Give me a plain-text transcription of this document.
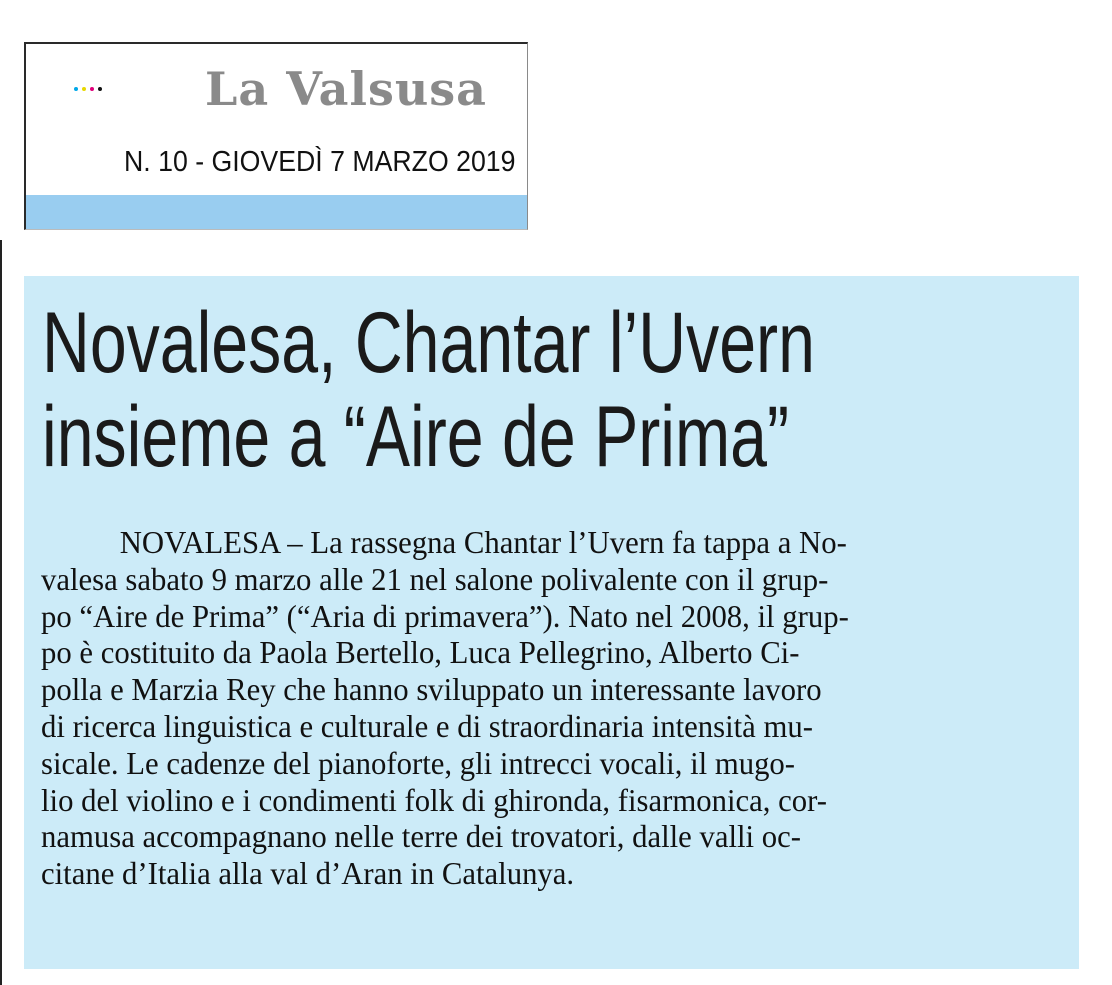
La Valsusa
N. 10 - GIOVEDÌ 7 MARZO 2019
Novalesa, Chantar l’Uvern
insieme a “Aire de Prima”
NOVALESA – La rassegna Chantar l’Uvern fa tappa a No-
valesa sabato 9 marzo alle 21 nel salone polivalente con il grup-
po “Aire de Prima” (“Aria di primavera”). Nato nel 2008, il grup-
po è costituito da Paola Bertello, Luca Pellegrino, Alberto Ci-
polla e Marzia Rey che hanno sviluppato un interessante lavoro
di ricerca linguistica e culturale e di straordinaria intensità mu-
sicale. Le cadenze del pianoforte, gli intrecci vocali, il mugo-
lio del violino e i condimenti folk di ghironda, fisarmonica, cor-
namusa accompagnano nelle terre dei trovatori, dalle valli oc-
citane d’Italia alla val d’Aran in Catalunya.
